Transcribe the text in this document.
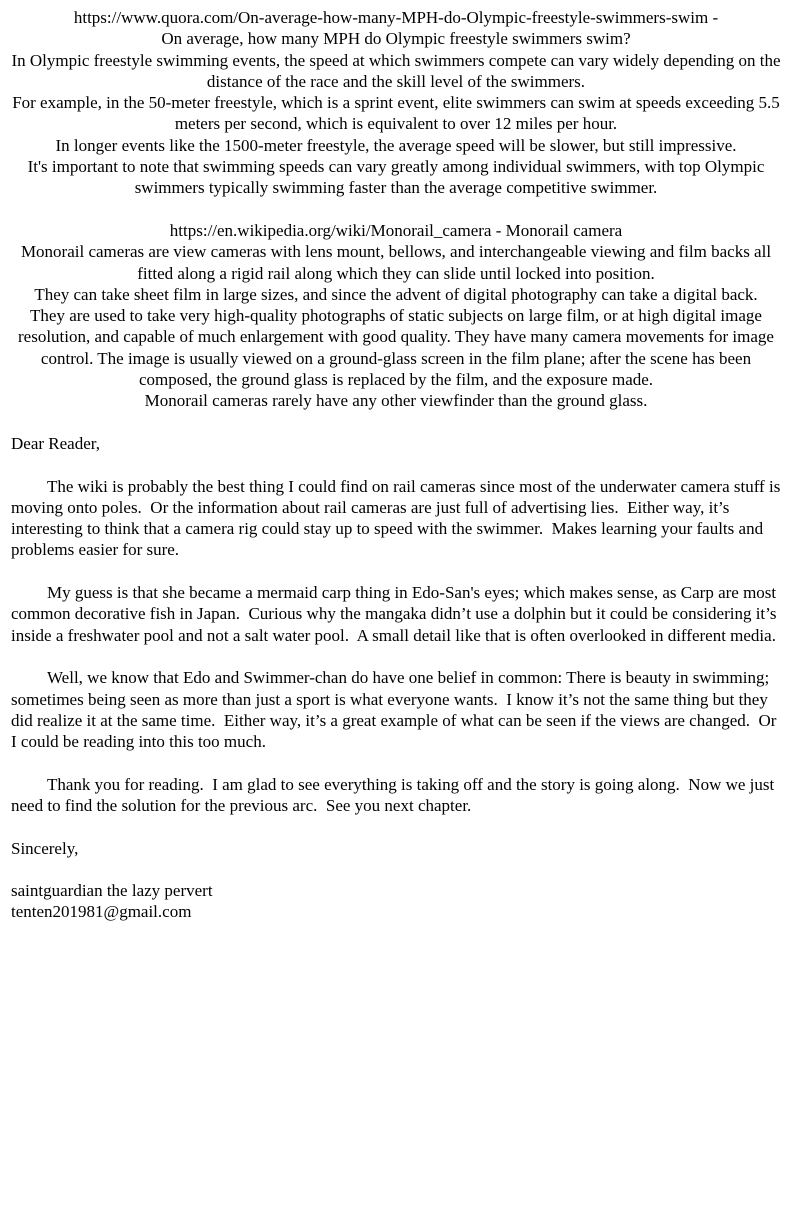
https://www.quora.com/On-average-how-many-MPH-do-Olympic-freestyle-swimmers-swim -

On average, how many MPH do Olympic freestyle swimmers swim?

In Olympic freestyle swimming events, the speed at which swimmers compete can vary widely depending on the distance of the race and the skill level of the swimmers.

For example, in the 50-meter freestyle, which is a sprint event, elite swimmers can swim at speeds exceeding 5.5 meters per second, which is equivalent to over 12 miles per hour.

In longer events like the 1500-meter freestyle, the average speed will be slower, but still impressive.

It's important to note that swimming speeds can vary greatly among individual swimmers, with top Olympic swimmers typically swimming faster than the average competitive swimmer.

https://en.wikipedia.org/wiki/Monorail_camera - Monorail camera

Monorail cameras are view cameras with lens mount, bellows, and interchangeable viewing and film backs all fitted along a rigid rail along which they can slide until locked into position.

They can take sheet film in large sizes, and since the advent of digital photography can take a digital back.

They are used to take very high-quality photographs of static subjects on large film, or at high digital image resolution, and capable of much enlargement with good quality. They have many camera movements for image control. The image is usually viewed on a ground-glass screen in the film plane; after the scene has been composed, the ground glass is replaced by the film, and the exposure made.

Monorail cameras rarely have any other viewfinder than the ground glass.

Dear Reader,

The wiki is probably the best thing I could find on rail cameras since most of the underwater camera stuff is moving onto poles.  Or the information about rail cameras are just full of advertising lies.  Either way, it’s interesting to think that a camera rig could stay up to speed with the swimmer.  Makes learning your faults and problems easier for sure.

My guess is that she became a mermaid carp thing in Edo-San's eyes; which makes sense, as Carp are most common decorative fish in Japan.  Curious why the mangaka didn’t use a dolphin but it could be considering it’s inside a freshwater pool and not a salt water pool.  A small detail like that is often overlooked in different media.

Well, we know that Edo and Swimmer-chan do have one belief in common: There is beauty in swimming; sometimes being seen as more than just a sport is what everyone wants.  I know it’s not the same thing but they did realize it at the same time.  Either way, it’s a great example of what can be seen if the views are changed.  Or I could be reading into this too much.

Thank you for reading.  I am glad to see everything is taking off and the story is going along.  Now we just need to find the solution for the previous arc.  See you next chapter.

Sincerely,

saintguardian the lazy pervert

tenten201981@gmail.com
